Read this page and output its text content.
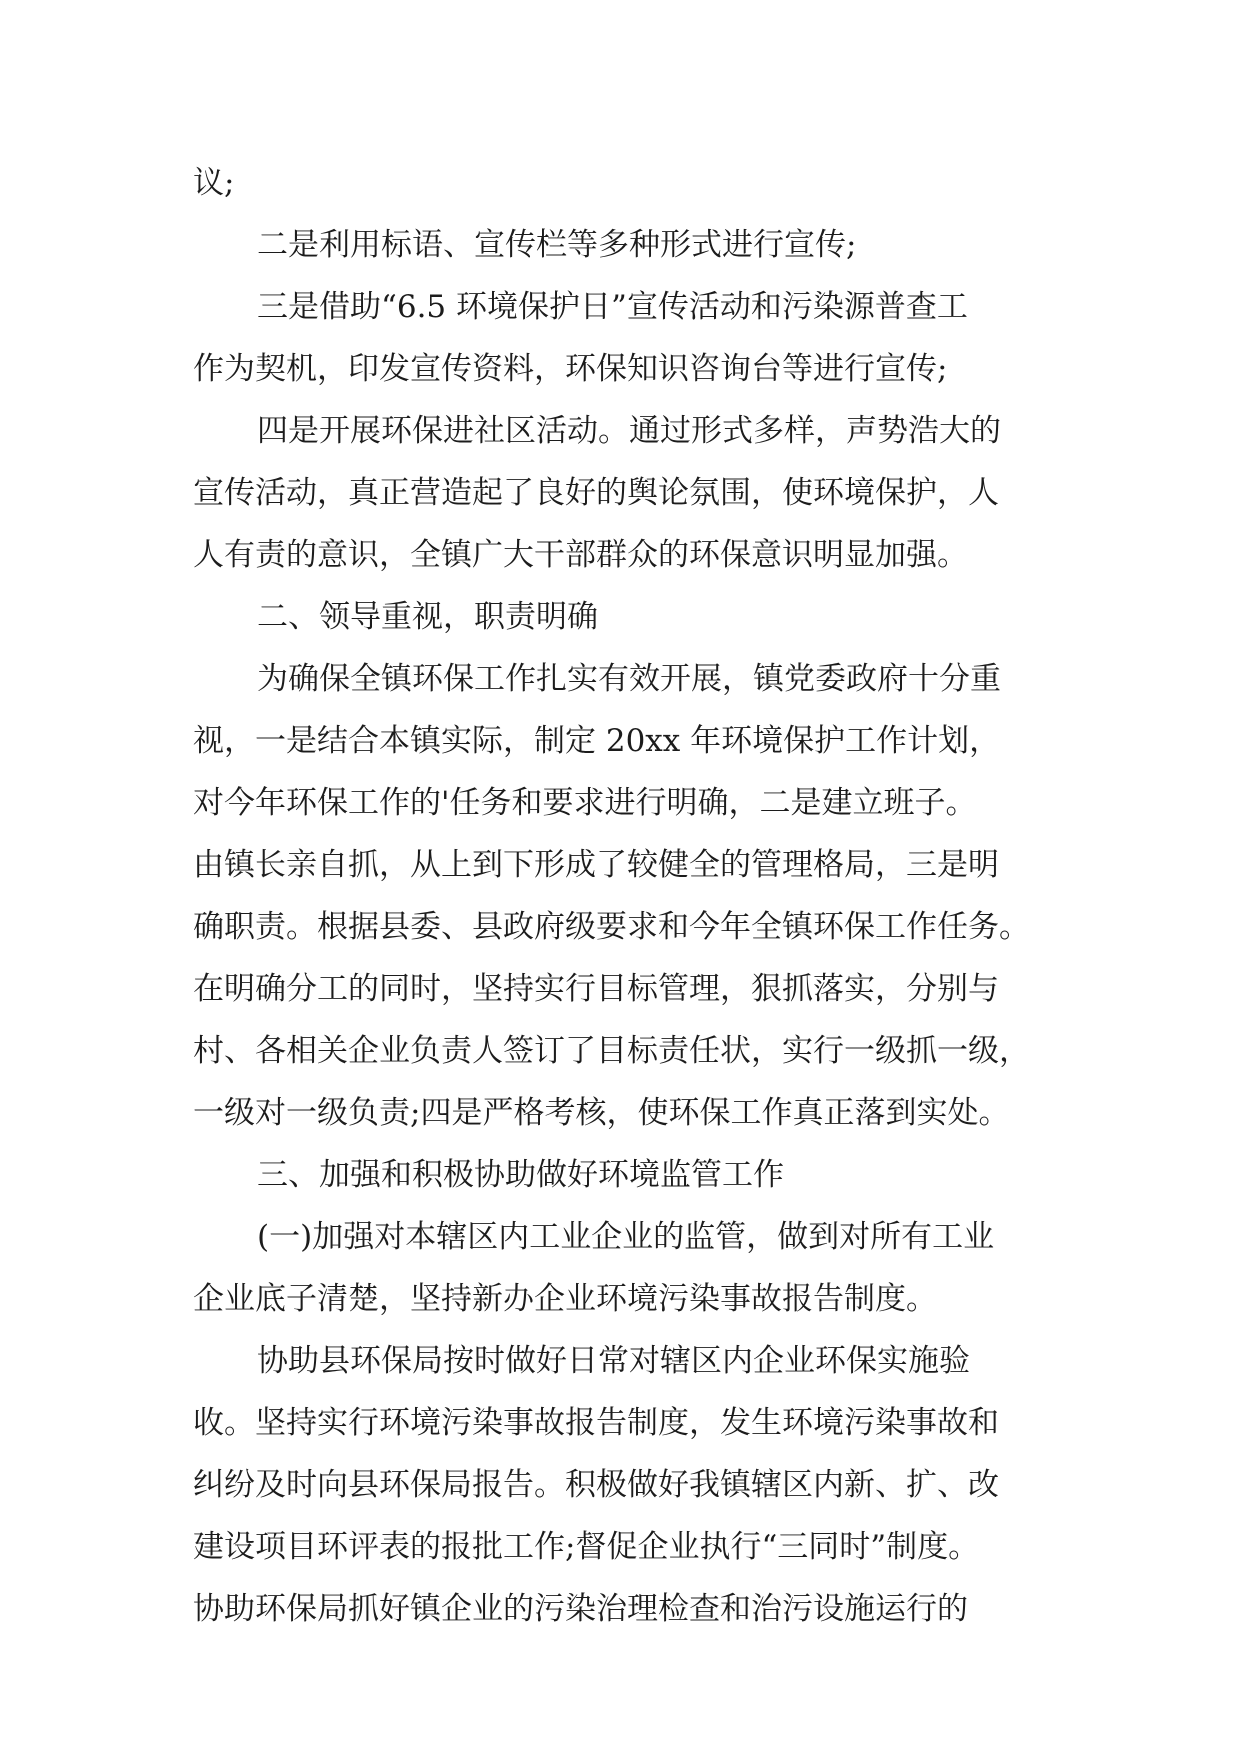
议;
二是利用标语、宣传栏等多种形式进行宣传;
三是借助“6.5 环境保护日”宣传活动和污染源普查工
作为契机，印发宣传资料，环保知识咨询台等进行宣传;
四是开展环保进社区活动。通过形式多样，声势浩大的
宣传活动，真正营造起了良好的舆论氛围，使环境保护，人
人有责的意识，全镇广大干部群众的环保意识明显加强。
二、领导重视，职责明确
为确保全镇环保工作扎实有效开展，镇党委政府十分重
视，一是结合本镇实际，制定 20xx 年环境保护工作计划，
对今年环保工作的'任务和要求进行明确，二是建立班子。
由镇长亲自抓，从上到下形成了较健全的管理格局，三是明
确职责。根据县委、县政府级要求和今年全镇环保工作任务。
在明确分工的同时，坚持实行目标管理，狠抓落实，分别与
村、各相关企业负责人签订了目标责任状，实行一级抓一级，
一级对一级负责;四是严格考核，使环保工作真正落到实处。
三、加强和积极协助做好环境监管工作
(一)加强对本辖区内工业企业的监管，做到对所有工业
企业底子清楚，坚持新办企业环境污染事故报告制度。
协助县环保局按时做好日常对辖区内企业环保实施验
收。坚持实行环境污染事故报告制度，发生环境污染事故和
纠纷及时向县环保局报告。积极做好我镇辖区内新、扩、改
建设项目环评表的报批工作;督促企业执行“三同时”制度。
协助环保局抓好镇企业的污染治理检查和治污设施运行的
